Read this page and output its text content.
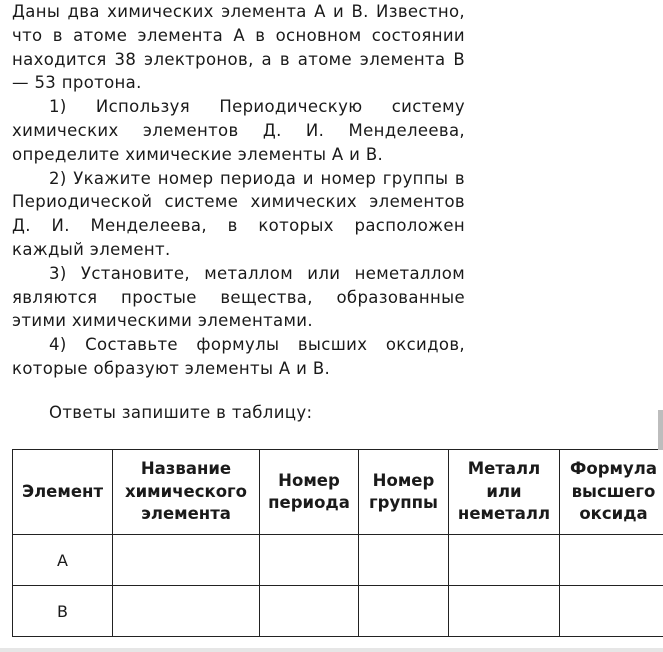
Даны два химических элемента А и В. Известно, что в атоме элемента А в основном состоянии находится 38 электронов, а в атоме элемента В — 53 протона.

1) Используя Периодическую систему химических элементов Д. И. Менделеева, определите химические элементы А и В.

2) Укажите номер периода и номер группы в Периодической системе химических элементов Д. И. Менделеева, в которых расположен каждый элемент.

3) Установите, металлом или неметаллом являются простые вещества, образованные этими химическими элементами.

4) Составьте формулы высших оксидов, которые образуют элементы А и В.

Ответы запишите в таблицу:
Элемент	Название химического элемента	Номер периода	Номер группы	Металл или неметалл	Формула высшего оксида
А					
В					
